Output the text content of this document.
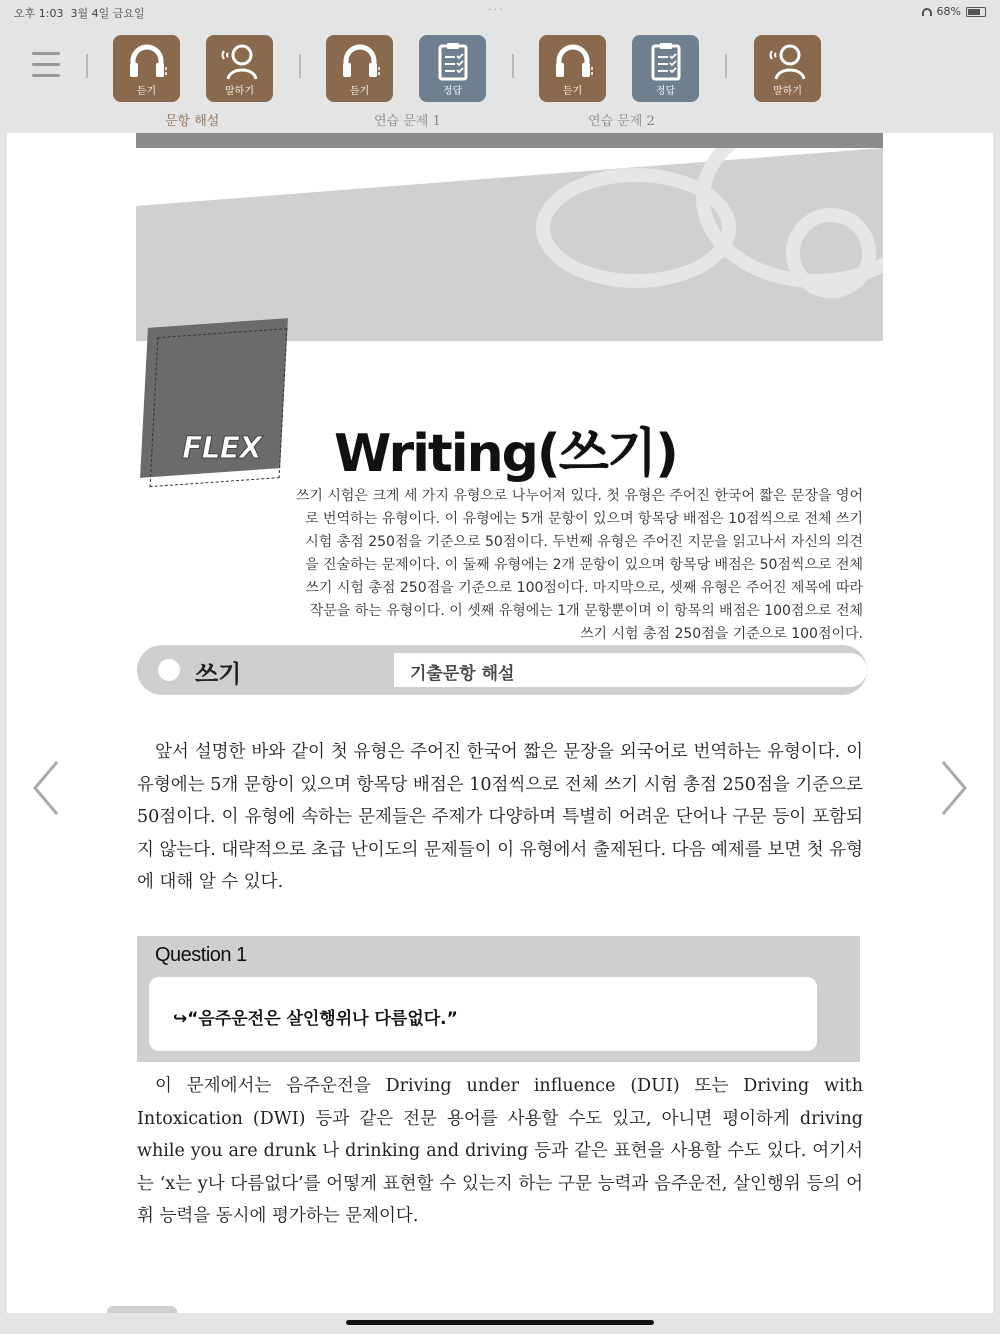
오후 1:03 3월 4일 금요일	···	68%
듣기	말하기
문항 해설
듣기	정답
연습 문제 1
듣기	정답
연습 문제 2
말하기
FLEX Writing(쓰기)
쓰기 시험은 크게 세 가지 유형으로 나누어져 있다. 첫 유형은 주어진 한국어 짧은 문장을 영어로 번역하는 유형이다. 이 유형에는 5개 문항이 있으며 항목당 배점은 10점씩으로 전체 쓰기 시험 총점 250점을 기준으로 50점이다. 두번째 유형은 주어진 지문을 읽고나서 자신의 의견을 진술하는 문제이다. 이 둘째 유형에는 2개 문항이 있으며 항목당 배점은 50점씩으로 전체 쓰기 시험 총점 250점을 기준으로 100점이다. 마지막으로, 셋째 유형은 주어진 제목에 따라 작문을 하는 유형이다. 이 셋째 유형에는 1개 문항뿐이며 이 항목의 배점은 100점으로 전체 쓰기 시험 총점 250점을 기준으로 100점이다.
쓰기	기출문항 해설
앞서 설명한 바와 같이 첫 유형은 주어진 한국어 짧은 문장을 외국어로 번역하는 유형이다. 이 유형에는 5개 문항이 있으며 항목당 배점은 10점씩으로 전체 쓰기 시험 총점 250점을 기준으로 50점이다. 이 유형에 속하는 문제들은 주제가 다양하며 특별히 어려운 단어나 구문 등이 포함되지 않는다. 대략적으로 초급 난이도의 문제들이 이 유형에서 출제된다. 다음 예제를 보면 첫 유형에 대해 알 수 있다.
Question 1
↪“음주운전은 살인행위나 다름없다.”
이 문제에서는 음주운전을 Driving under influence (DUI) 또는 Driving with Intoxication (DWI) 등과 같은 전문 용어를 사용할 수도 있고, 아니면 평이하게 driving while you are drunk 나 drinking and driving 등과 같은 표현을 사용할 수도 있다. 여기서는 ‘x는 y나 다름없다’를 어떻게 표현할 수 있는지 하는 구문 능력과 음주운전, 살인행위 등의 어휘 능력을 동시에 평가하는 문제이다.
